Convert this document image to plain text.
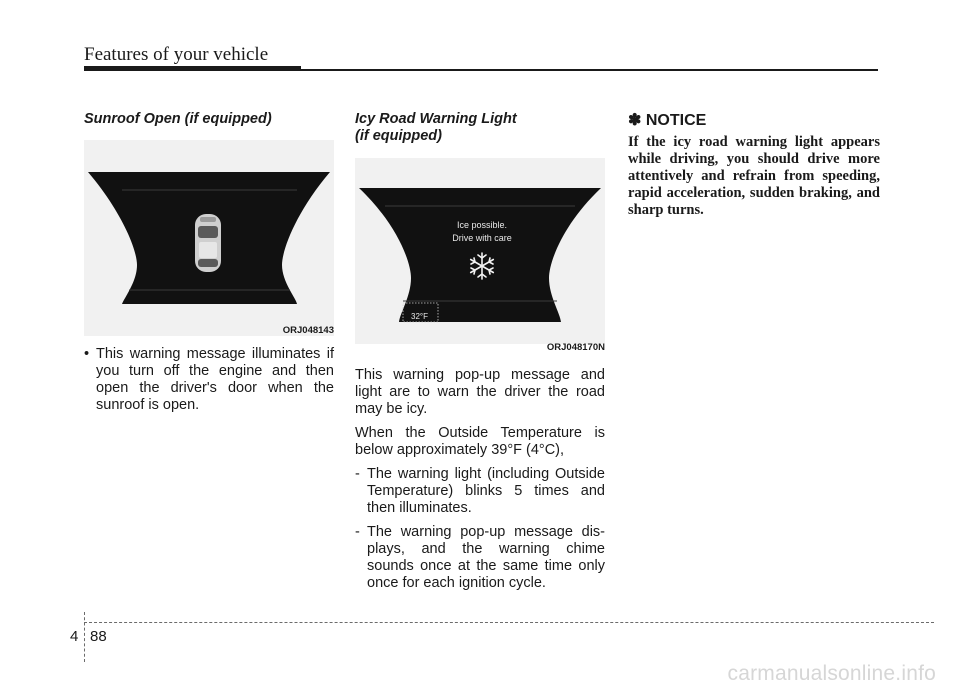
Features of your vehicle
Sunroof Open (if equipped)
ORJ048143
• This warning message illuminates if you turn off the engine and then open the driver's door when the sunroof is open.
Icy Road Warning Light
(if equipped)
Ice possible.
Drive with care
32°F
ORJ048170N

This warning pop-up message and light are to warn the driver the road may be icy.

When the Outside Temperature is below approximately 39°F (4°C),

- The warning light (including Outside Temperature) blinks 5 times and then illuminates.
- The warning pop-up message dis- plays, and the warning chime sounds once at the same time only once for each ignition cycle.
✽ NOTICE
If the icy road warning light appears while driving, you should drive more attentively and refrain from speeding, rapid acceleration, sudden braking, and sharp turns.
4 88
carmanualsonline.info
